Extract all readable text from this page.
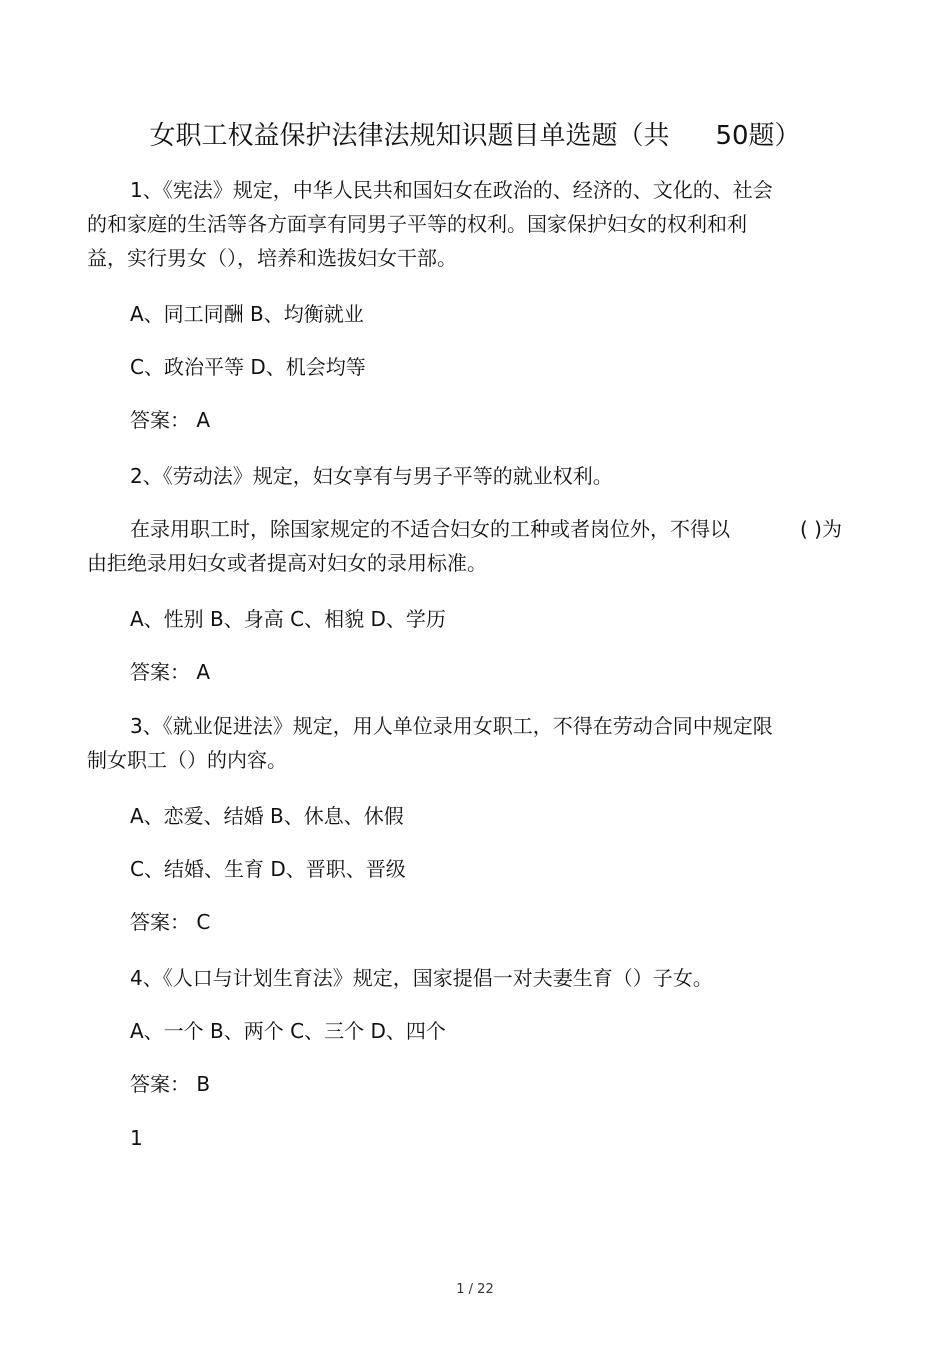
女职工权益保护法律法规知识题目单选题（共 50题）
1、《宪法》规定，中华人民共和国妇女在政治的、经济的、文化的、社会
的和家庭的生活等各方面享有同男子平等的权利。国家保护妇女的权利和利
益，实行男女（），培养和选拔妇女干部。
A、同工同酬 B、均衡就业
C、政治平等 D、机会均等
答案： A
2、《劳动法》规定，妇女享有与男子平等的就业权利。
在录用职工时，除国家规定的不适合妇女的工种或者岗位外，不得以	( )为
由拒绝录用妇女或者提高对妇女的录用标准。
A、性别 B、身高 C、相貌 D、学历
答案： A
3、《就业促进法》规定，用人单位录用女职工，不得在劳动合同中规定限
制女职工（）的内容。
A、恋爱、结婚 B、休息、休假
C、结婚、生育 D、晋职、晋级
答案： C
4、《人口与计划生育法》规定，国家提倡一对夫妻生育（）子女。
A、一个 B、两个 C、三个 D、四个
答案： B
1
1 / 22
